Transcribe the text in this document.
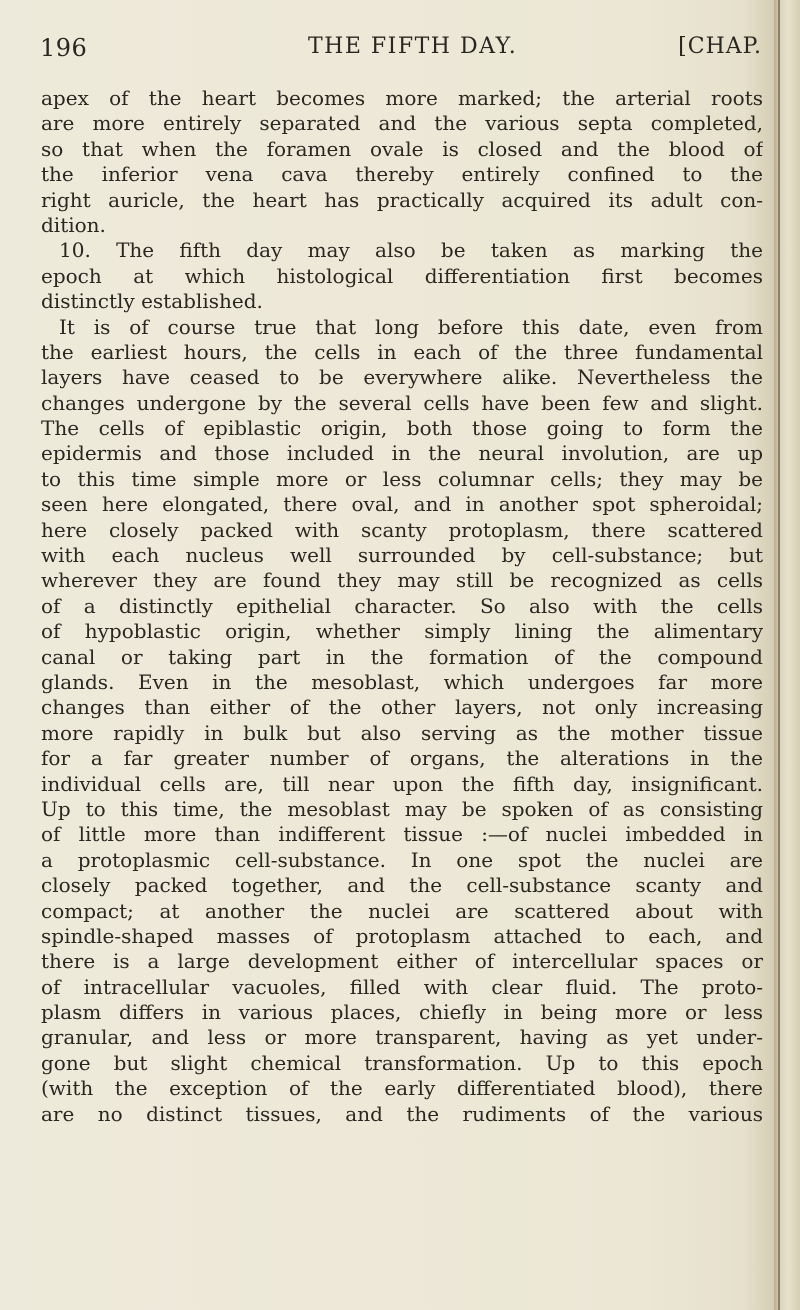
196	THE FIFTH DAY.	[CHAP.
apex of the heart becomes more marked; the arterial roots
are more entirely separated and the various septa completed,
so that when the foramen ovale is closed and the blood of
the inferior vena cava thereby entirely confined to the
right auricle, the heart has practically acquired its adult con-
dition.
10. The fifth day may also be taken as marking the
epoch at which histological differentiation first becomes
distinctly established.
It is of course true that long before this date, even from
the earliest hours, the cells in each of the three fundamental
layers have ceased to be everywhere alike. Nevertheless the
changes undergone by the several cells have been few and slight.
The cells of epiblastic origin, both those going to form the
epidermis and those included in the neural involution, are up
to this time simple more or less columnar cells; they may be
seen here elongated, there oval, and in another spot spheroidal;
here closely packed with scanty protoplasm, there scattered
with each nucleus well surrounded by cell-substance; but
wherever they are found they may still be recognized as cells
of a distinctly epithelial character. So also with the cells
of hypoblastic origin, whether simply lining the alimentary
canal or taking part in the formation of the compound
glands. Even in the mesoblast, which undergoes far more
changes than either of the other layers, not only increasing
more rapidly in bulk but also serving as the mother tissue
for a far greater number of organs, the alterations in the
individual cells are, till near upon the fifth day, insignificant.
Up to this time, the mesoblast may be spoken of as consisting
of little more than indifferent tissue :—of nuclei imbedded in
a protoplasmic cell-substance. In one spot the nuclei are
closely packed together, and the cell-substance scanty and
compact; at another the nuclei are scattered about with
spindle-shaped masses of protoplasm attached to each, and
there is a large development either of intercellular spaces or
of intracellular vacuoles, filled with clear fluid. The proto-
plasm differs in various places, chiefly in being more or less
granular, and less or more transparent, having as yet under-
gone but slight chemical transformation. Up to this epoch
(with the exception of the early differentiated blood), there
are no distinct tissues, and the rudiments of the various
